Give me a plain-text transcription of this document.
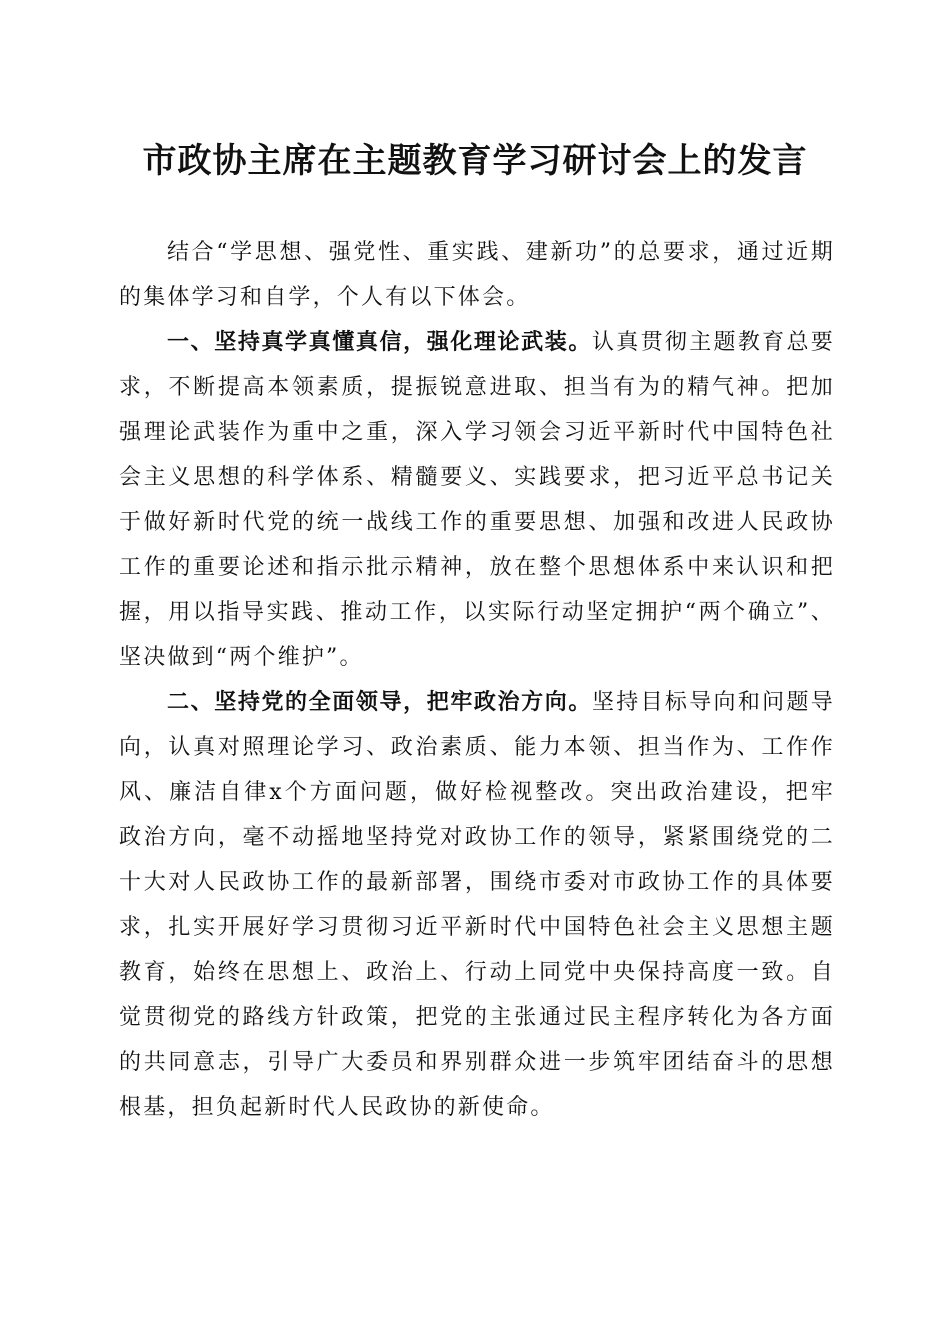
市政协主席在主题教育学习研讨会上的发言

结合“学思想、强党性、重实践、建新功”的总要求，通过近期的集体学习和自学，个人有以下体会。

一、坚持真学真懂真信，强化理论武装。认真贯彻主题教育总要求，不断提高本领素质，提振锐意进取、担当有为的精气神。把加强理论武装作为重中之重，深入学习领会习近平新时代中国特色社会主义思想的科学体系、精髓要义、实践要求，把习近平总书记关于做好新时代党的统一战线工作的重要思想、加强和改进人民政协工作的重要论述和指示批示精神，放在整个思想体系中来认识和把握，用以指导实践、推动工作，以实际行动坚定拥护“两个确立”、坚决做到“两个维护”。

二、坚持党的全面领导，把牢政治方向。坚持目标导向和问题导向，认真对照理论学习、政治素质、能力本领、担当作为、工作作风、廉洁自律x个方面问题，做好检视整改。突出政治建设，把牢政治方向，毫不动摇地坚持党对政协工作的领导，紧紧围绕党的二十大对人民政协工作的最新部署，围绕市委对市政协工作的具体要求，扎实开展好学习贯彻习近平新时代中国特色社会主义思想主题教育，始终在思想上、政治上、行动上同党中央保持高度一致。自觉贯彻党的路线方针政策，把党的主张通过民主程序转化为各方面的共同意志，引导广大委员和界别群众进一步筑牢团结奋斗的思想根基，担负起新时代人民政协的新使命。
